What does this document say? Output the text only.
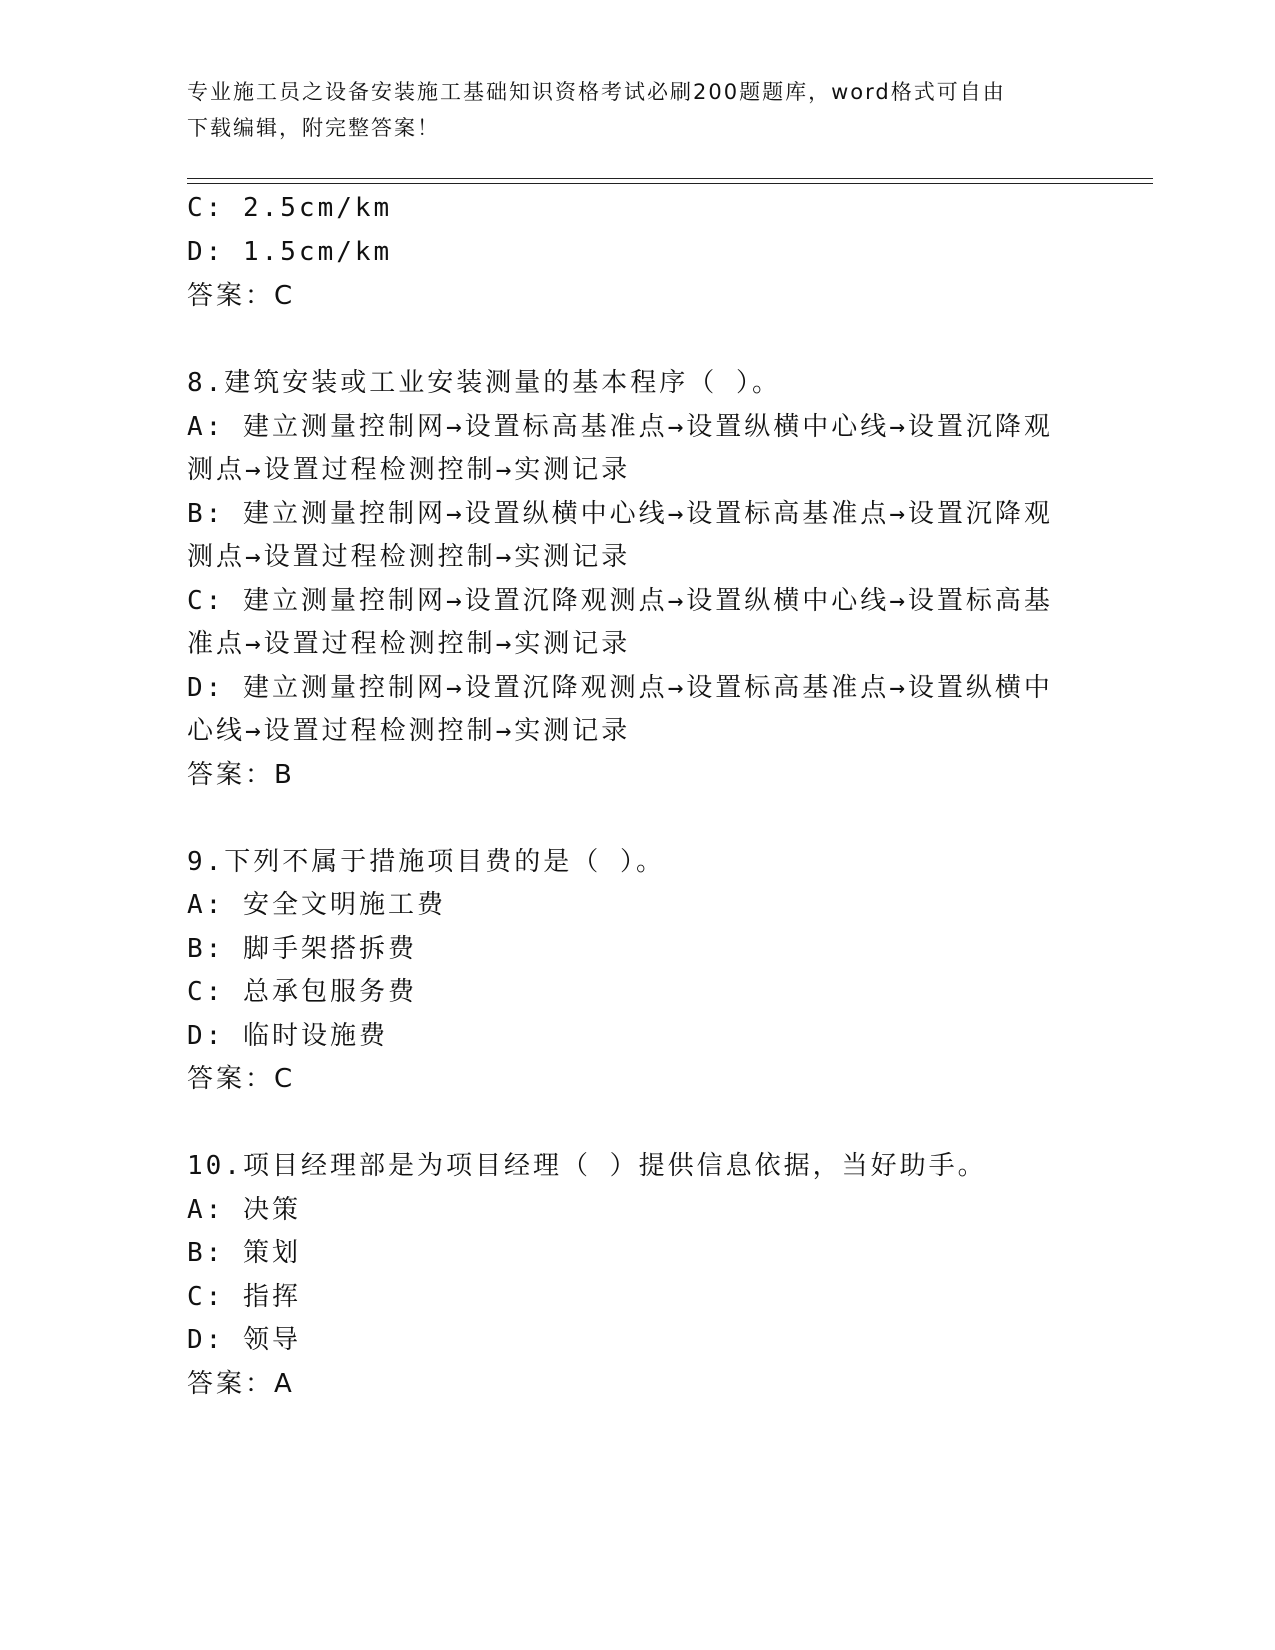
专业施工员之设备安装施工基础知识资格考试必刷200题题库，word格式可自由
下载编辑，附完整答案！
C: 2.5cm/km
D: 1.5cm/km
答案：C
8.建筑安装或工业安装测量的基本程序（ ）。
A: 建立测量控制网→设置标高基准点→设置纵横中心线→设置沉降观
测点→设置过程检测控制→实测记录
B: 建立测量控制网→设置纵横中心线→设置标高基准点→设置沉降观
测点→设置过程检测控制→实测记录
C: 建立测量控制网→设置沉降观测点→设置纵横中心线→设置标高基
准点→设置过程检测控制→实测记录
D: 建立测量控制网→设置沉降观测点→设置标高基准点→设置纵横中
心线→设置过程检测控制→实测记录
答案：B
9.下列不属于措施项目费的是（ ）。
A: 安全文明施工费
B: 脚手架搭拆费
C: 总承包服务费
D: 临时设施费
答案：C
10.项目经理部是为项目经理（ ）提供信息依据，当好助手。
A: 决策
B: 策划
C: 指挥
D: 领导
答案：A
